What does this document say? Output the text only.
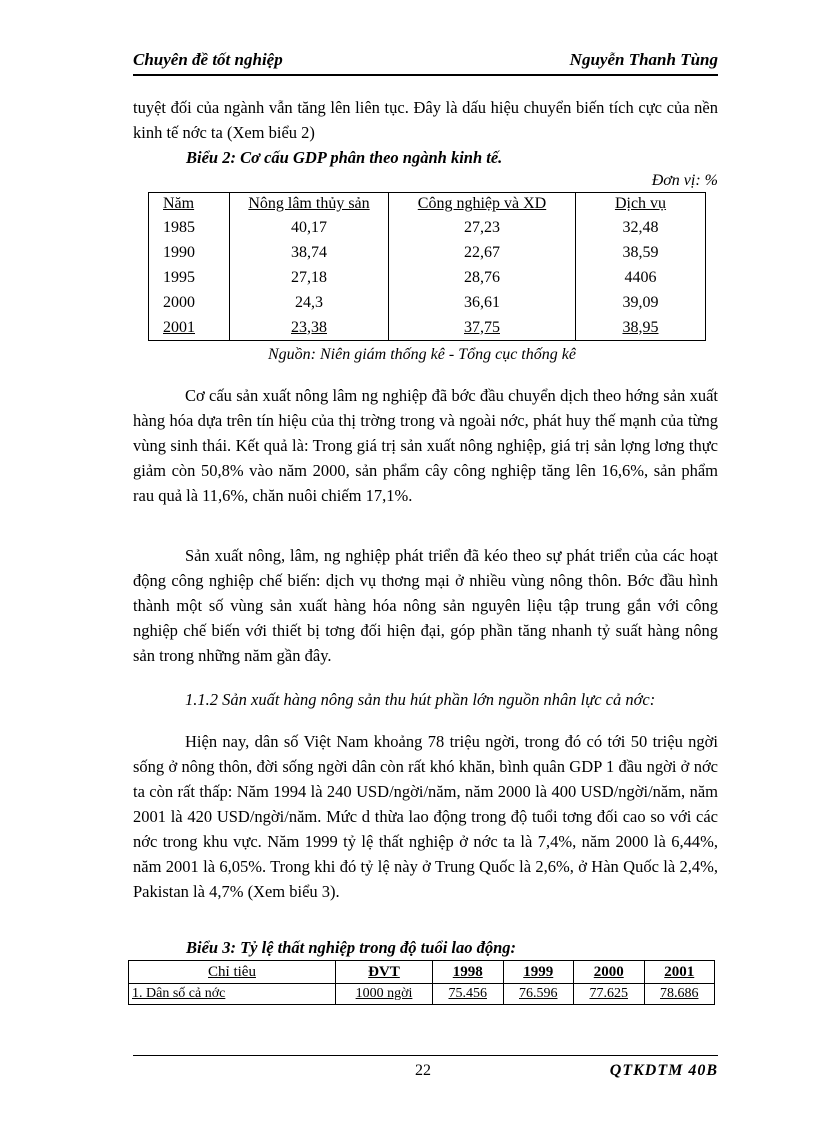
Chuyên đề tốt nghiệp	Nguyễn Thanh Tùng
tuyệt đối của ngành vẫn tăng lên liên tục. Đây là dấu hiệu chuyển biến tích cực của nền kinh tế nớc ta (Xem biểu 2)
Biểu 2: Cơ cấu GDP phân theo ngành kinh tế.
Đơn vị: %
Năm	Nông lâm thủy sản	Công nghiệp và XD	Dịch vụ
1985	40,17	27,23	32,48
1990	38,74	22,67	38,59
1995	27,18	28,76	4406
2000	24,3	36,61	39,09
2001	23,38	37,75	38,95
Nguồn: Niên giám thống kê - Tổng cục thống kê
Cơ cấu sản xuất nông lâm ng nghiệp đã bớc đầu chuyển dịch theo hớng sản xuất hàng hóa dựa trên tín hiệu của thị trờng trong và ngoài nớc, phát huy thế mạnh của từng vùng sinh thái. Kết quả là: Trong giá trị sản xuất nông nghiệp, giá trị sản lợng lơng thực giảm còn 50,8% vào năm 2000, sản phẩm cây công nghiệp tăng lên 16,6%, sản phẩm rau quả là 11,6%, chăn nuôi chiếm 17,1%.
Sản xuất nông, lâm, ng nghiệp phát triển đã kéo theo sự phát triển của các hoạt động công nghiệp chế biến: dịch vụ thơng mại ở nhiều vùng nông thôn. Bớc đầu hình thành một số vùng sản xuất hàng hóa nông sản nguyên liệu tập trung gắn với công nghiệp chế biến với thiết bị tơng đối hiện đại, góp phần tăng nhanh tỷ suất hàng nông sản trong những năm gần đây.
1.1.2 Sản xuất hàng nông sản thu hút phần lớn nguồn nhân lực cả nớc:
Hiện nay, dân số Việt Nam khoảng 78 triệu ngời, trong đó có tới 50 triệu ngời sống ở nông thôn, đời sống ngời dân còn rất khó khăn, bình quân GDP 1 đầu ngời ở nớc ta còn rất thấp: Năm 1994 là 240 USD/ngời/năm, năm 2000 là 400 USD/ngời/năm, năm 2001 là 420 USD/ngời/năm. Mức d thừa lao động trong độ tuổi tơng đối cao so với các nớc trong khu vực. Năm 1999 tỷ lệ thất nghiệp ở nớc ta là 7,4%, năm 2000 là 6,44%, năm 2001 là 6,05%. Trong khi đó tỷ lệ này ở Trung Quốc là 2,6%, ở Hàn Quốc là 2,4%, Pakistan là 4,7% (Xem biểu 3).
Biểu 3: Tỷ lệ thất nghiệp trong độ tuổi lao động:
Chỉ tiêu	ĐVT	1998	1999	2000	2001
1. Dân số cả nớc	1000 ngời	75.456	76.596	77.625	78.686
22	QTKDTM 40B
